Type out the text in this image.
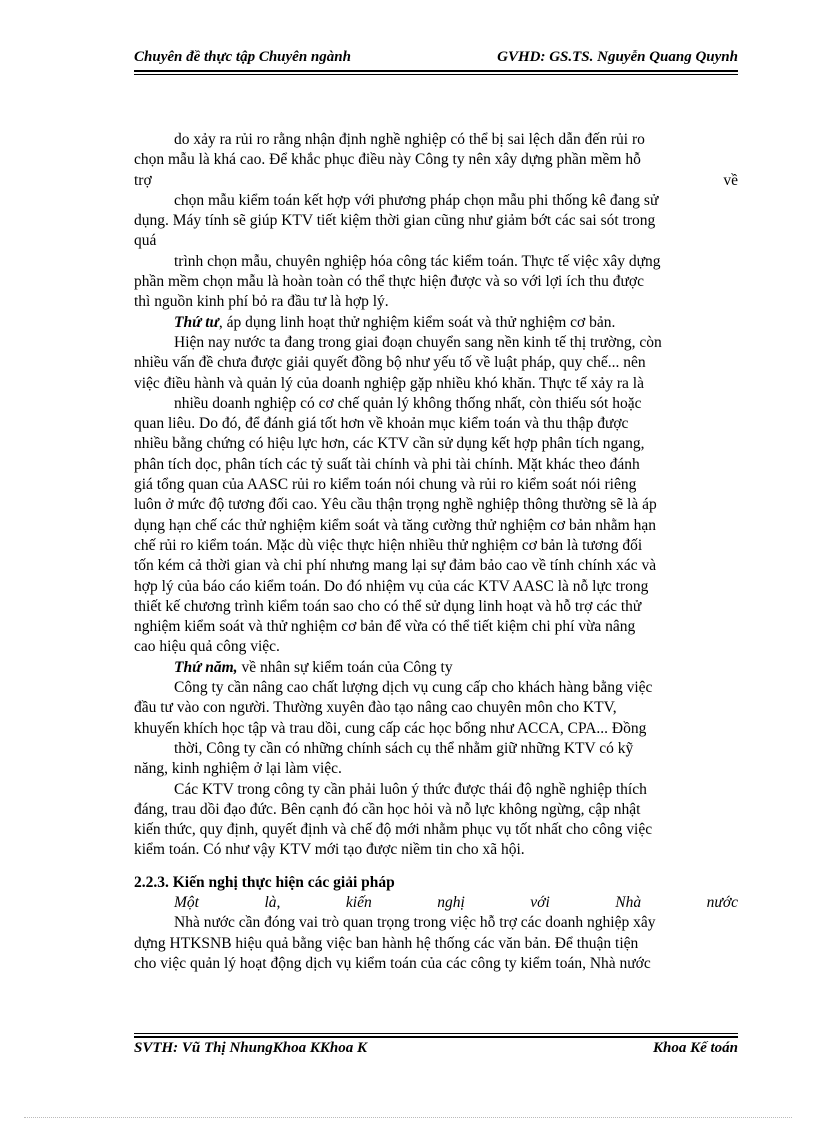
Chuyên đề thực tập Chuyên ngành	GVHD: GS.TS. Nguyễn Quang Quynh
do xảy ra rủi ro rằng nhận định nghề nghiệp có thể bị sai lệch dẫn đến rủi ro
chọn mẫu là khá cao. Để khắc phục điều này Công ty nên xây dựng phần mềm hỗ
trợ	về
chọn mẫu kiểm toán kết hợp với phương pháp chọn mẫu phi thống kê đang sử
dụng. Máy tính sẽ giúp KTV tiết kiệm thời gian cũng như giảm bớt các sai sót trong
quá
trình chọn mẫu, chuyên nghiệp hóa công tác kiểm toán. Thực tế việc xây dựng
phần mềm chọn mẫu là hoàn toàn có thể thực hiện được và so với lợi ích thu được
thì nguồn kinh phí bỏ ra đầu tư là hợp lý.
Thứ tư, áp dụng linh hoạt thử nghiệm kiểm soát và thử nghiệm cơ bản.
Hiện nay nước ta đang trong giai đoạn chuyển sang nền kinh tế thị trường, còn
nhiều vấn đề chưa được giải quyết đồng bộ như yếu tố về luật pháp, quy chế... nên
việc điều hành và quản lý của doanh nghiệp gặp nhiều khó khăn. Thực tế xảy ra là
nhiều doanh nghiệp có cơ chế quản lý không thống nhất, còn thiếu sót hoặc
quan liêu. Do đó, để đánh giá tốt hơn về khoản mục kiểm toán và thu thập được
nhiều bằng chứng có hiệu lực hơn, các KTV cần sử dụng kết hợp phân tích ngang,
phân tích dọc, phân tích các tỷ suất tài chính và phi tài chính. Mặt khác theo đánh
giá tổng quan của AASC rủi ro kiểm toán nói chung và rủi ro kiểm soát nói riêng
luôn ở mức độ tương đối cao. Yêu cầu thận trọng nghề nghiệp thông thường sẽ là áp
dụng hạn chế các thử nghiệm kiểm soát và tăng cường thử nghiệm cơ bản nhằm hạn
chế rủi ro kiểm toán. Mặc dù việc thực hiện nhiều thử nghiệm cơ bản là tương đối
tốn kém cả thời gian và chi phí nhưng mang lại sự đảm bảo cao về tính chính xác và
hợp lý của báo cáo kiểm toán. Do đó nhiệm vụ của các KTV AASC là nỗ lực trong
thiết kế chương trình kiểm toán sao cho có thể sử dụng linh hoạt và hỗ trợ các thử
nghiệm kiểm soát và thử nghiệm cơ bản để vừa có thể tiết kiệm chi phí vừa nâng
cao hiệu quả công việc.
Thứ năm, về nhân sự kiểm toán của Công ty
Công ty cần nâng cao chất lượng dịch vụ cung cấp cho khách hàng bằng việc
đầu tư vào con người. Thường xuyên đào tạo nâng cao chuyên môn cho KTV,
khuyến khích học tập và trau dồi, cung cấp các học bổng như ACCA, CPA... Đồng
thời, Công ty cần có những chính sách cụ thể nhằm giữ những KTV có kỹ
năng, kinh nghiệm ở lại làm việc.
Các KTV trong công ty cần phải luôn ý thức được thái độ nghề nghiệp thích
đáng, trau dồi đạo đức. Bên cạnh đó cần học hỏi và nỗ lực không ngừng, cập nhật
kiến thức, quy định, quyết định và chế độ mới nhằm phục vụ tốt nhất cho công việc
kiểm toán. Có như vậy KTV mới tạo được niềm tin cho xã hội.
2.2.3. Kiến nghị thực hiện các giải pháp
Một	là,	kiến	nghị	với	Nhà	nước
Nhà nước cần đóng vai trò quan trọng trong việc hỗ trợ các doanh nghiệp xây
dựng HTKSNB hiệu quả bằng việc ban hành hệ thống các văn bản. Để thuận tiện
cho việc quản lý hoạt động dịch vụ kiểm toán của các công ty kiểm toán, Nhà nước
SVTH: Vũ Thị NhungKhoa KKhoa K	Khoa Kế toán
